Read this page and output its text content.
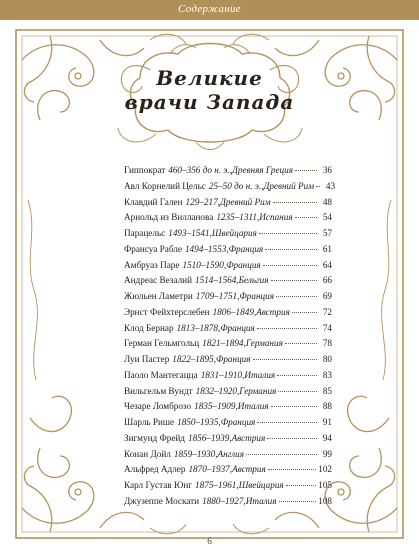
Содержание
Великие
врачи Запада
Гиппократ 460–356 до н. э. , Древняя Греция	36
Авл Корнелий Цельс 25–50 до н. э. , Древний Рим	43
Клавдий Гален 129–217 , Древний Рим	48
Арнольд из Вилланова 1235–1311 , Испания	54
Парацельс 1493–1541 , Швейцария	57
Франсуа Рабле 1494–1553 , Франция	61
Амбруаз Паре 1510–1590 , Франция	64
Андреас Везалий 1514–1564 , Бельгия	66
Жюльен Ламетри 1709–1751 , Франция	69
Эрнст Фейхтерслебен 1806–1849 , Австрия	72
Клод Бернар 1813–1878 , Франция	74
Герман Гельмгольц 1821–1894 , Германия	78
Луи Пастер 1822–1895 , Франция	80
Паоло Мантегацца 1831–1910 , Италия	83
Вильгельм Вундт 1832–1920 , Германия	85
Чезаре Ломброзо 1835–1909 , Италия	88
Шарль Рише 1850–1935 , Франция	91
Зигмунд Фрейд 1856–1939 , Австрия	94
Конан Дойл 1859–1930 , Англия	99
Альфред Адлер 1870–1937 , Австрия	102
Карл Густав Юнг 1875–1961 , Швейцария	105
Джузеппе Москати 1880–1927 , Италия	108
6
